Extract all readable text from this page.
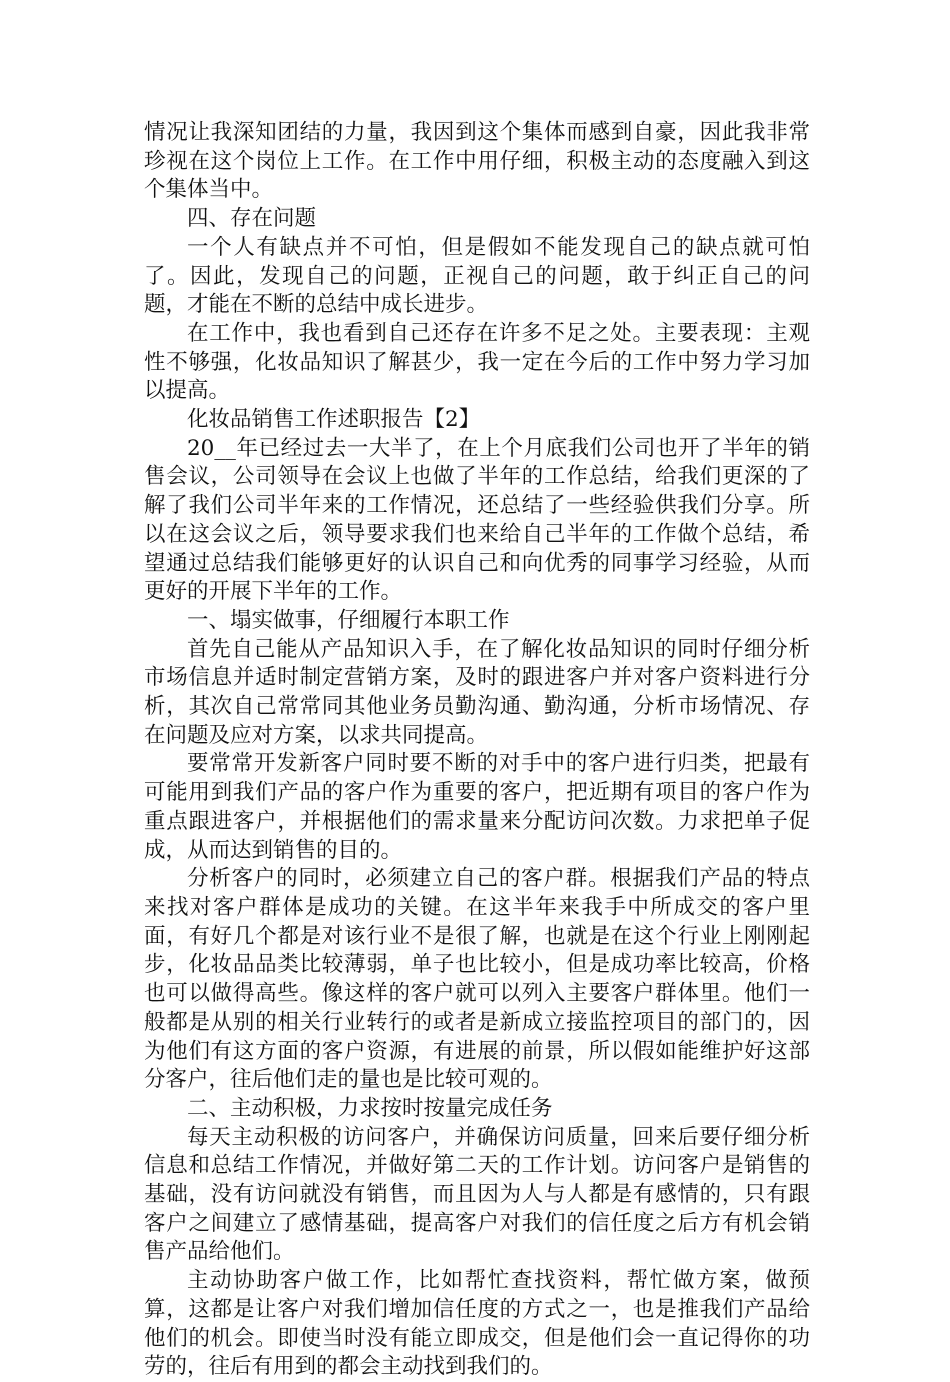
情况让我深知团结的力量，我因到这个集体而感到自豪，因此我非常珍视在这个岗位上工作。在工作中用仔细，积极主动的态度融入到这个集体当中。

四、存在问题

一个人有缺点并不可怕，但是假如不能发现自己的缺点就可怕了。因此，发现自己的问题，正视自己的问题，敢于纠正自己的问题，才能在不断的总结中成长进步。

在工作中，我也看到自己还存在许多不足之处。主要表现：主观性不够强，化妆品知识了解甚少，我一定在今后的工作中努力学习加以提高。

化妆品销售工作述职报告【2】

20__年已经过去一大半了，在上个月底我们公司也开了半年的销售会议，公司领导在会议上也做了半年的工作总结，给我们更深的了解了我们公司半年来的工作情况，还总结了一些经验供我们分享。所以在这会议之后，领导要求我们也来给自己半年的工作做个总结，希望通过总结我们能够更好的认识自己和向优秀的同事学习经验，从而更好的开展下半年的工作。

一、塌实做事，仔细履行本职工作

首先自己能从产品知识入手，在了解化妆品知识的同时仔细分析市场信息并适时制定营销方案，及时的跟进客户并对客户资料进行分析，其次自己常常同其他业务员勤沟通、勤沟通，分析市场情况、存在问题及应对方案，以求共同提高。

要常常开发新客户同时要不断的对手中的客户进行归类，把最有可能用到我们产品的客户作为重要的客户，把近期有项目的客户作为重点跟进客户，并根据他们的需求量来分配访问次数。力求把单子促成，从而达到销售的目的。

分析客户的同时，必须建立自己的客户群。根据我们产品的特点来找对客户群体是成功的关键。在这半年来我手中所成交的客户里面，有好几个都是对该行业不是很了解，也就是在这个行业上刚刚起步，化妆品品类比较薄弱，单子也比较小，但是成功率比较高，价格也可以做得高些。像这样的客户就可以列入主要客户群体里。他们一般都是从别的相关行业转行的或者是新成立接监控项目的部门的，因为他们有这方面的客户资源，有进展的前景，所以假如能维护好这部分客户，往后他们走的量也是比较可观的。

二、主动积极，力求按时按量完成任务

每天主动积极的访问客户，并确保访问质量，回来后要仔细分析信息和总结工作情况，并做好第二天的工作计划。访问客户是销售的基础，没有访问就没有销售，而且因为人与人都是有感情的，只有跟客户之间建立了感情基础，提高客户对我们的信任度之后方有机会销售产品给他们。

主动协助客户做工作，比如帮忙查找资料，帮忙做方案，做预算，这都是让客户对我们增加信任度的方式之一，也是推我们产品给他们的机会。即使当时没有能立即成交，但是他们会一直记得你的功劳的，往后有用到的都会主动找到我们的。
